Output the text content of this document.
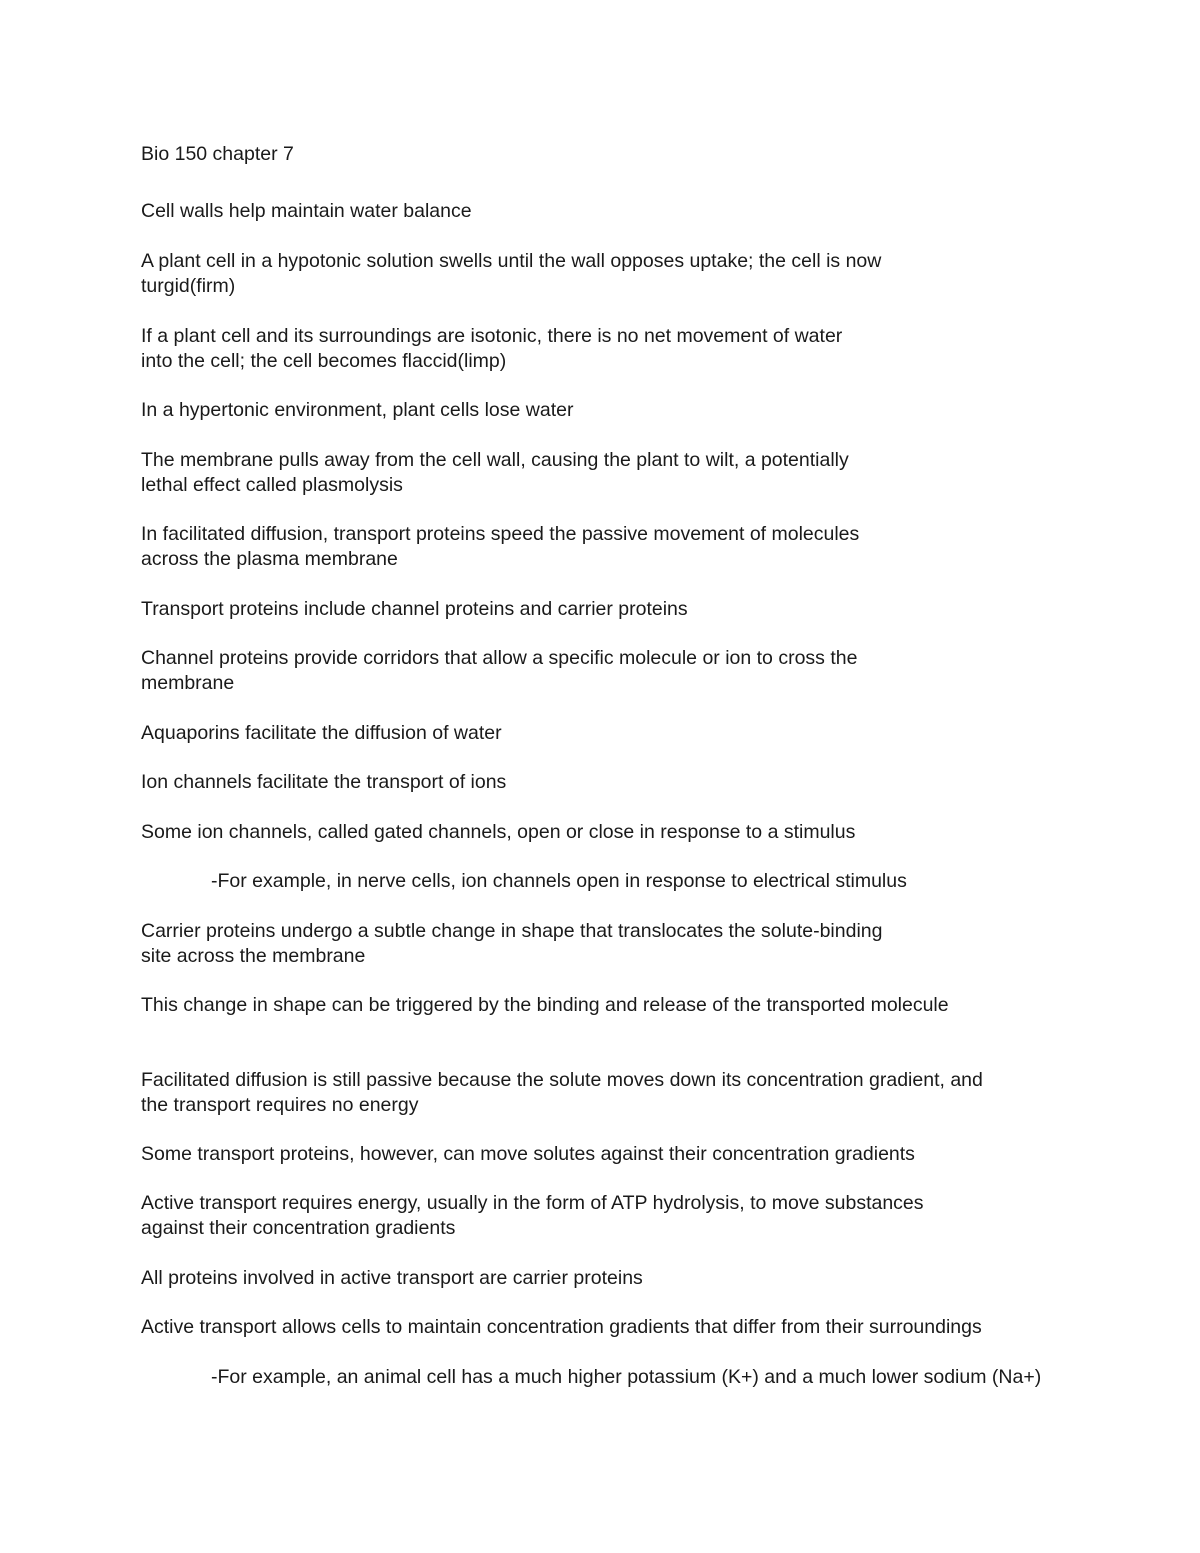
Bio 150 chapter 7

Cell walls help maintain water balance

A plant cell in a hypotonic solution swells until the wall opposes uptake; the cell is now

turgid(firm)

If a plant cell and its surroundings are isotonic, there is no net movement of water

into the cell; the cell becomes flaccid(limp)

In a hypertonic environment, plant cells lose water

The membrane pulls away from the cell wall, causing the plant to wilt, a potentially

lethal effect called plasmolysis

In facilitated diffusion, transport proteins speed the passive movement of molecules

across the plasma membrane

Transport proteins include channel proteins and carrier proteins

Channel proteins provide corridors that allow a specific molecule or ion to cross the

membrane

Aquaporins facilitate the diffusion of water

Ion channels facilitate the transport of ions

Some ion channels, called gated channels, open or close in response to a stimulus

-For example, in nerve cells, ion channels open in response to electrical stimulus

Carrier proteins undergo a subtle change in shape that translocates the solute-binding

site across the membrane

This change in shape can be triggered by the binding and release of the transported molecule

Facilitated diffusion is still passive because the solute moves down its concentration gradient, and

the transport requires no energy

Some transport proteins, however, can move solutes against their concentration gradients

Active transport requires energy, usually in the form of ATP hydrolysis, to move substances

against their concentration gradients

All proteins involved in active transport are carrier proteins

Active transport allows cells to maintain concentration gradients that differ from their surroundings

-For example, an animal cell has a much higher potassium (K+) and a much lower sodium (Na+)
